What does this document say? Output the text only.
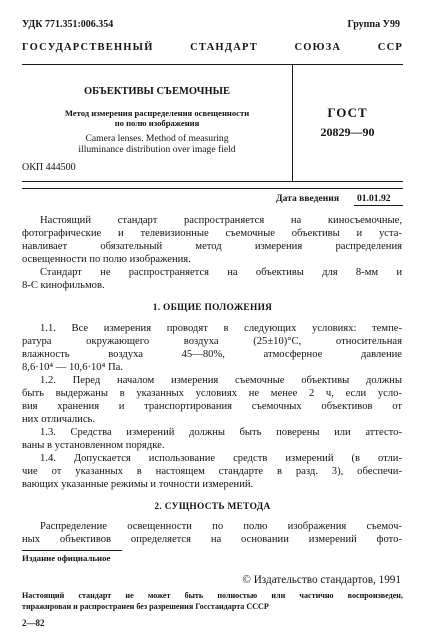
УДК 771.351:006.354	Группа У99
ГОСУДАРСТВЕННЫЙ СТАНДАРТ СОЮЗА ССР
ОБЪЕКТИВЫ СЪЕМОЧНЫЕ
Метод измерения распределения освещенности
по полю изображения
Camera lenses. Method of measuring
illuminance distribution over image field
ГОСТ
20829—90
ОКП 444500
Дата введения 01.01.92
Настоящий стандарт распространяется на киносъемочные,
фотографические и телевизионные съемочные объективы и уста-
навливает обязательный метод измерения распределения
освещенности по полю изображения.
Стандарт не распространяется на объективы для 8-мм и
8-С кинофильмов.
1. ОБЩИЕ ПОЛОЖЕНИЯ
1.1. Все измерения проводят в следующих условиях: темпе-
ратура окружающего воздуха (25±10)°С, относительная
влажность воздуха 45—80%, атмосферное давление
8,6·10⁴ — 10,6·10⁴ Па.
1.2. Перед началом измерения съемочные объективы должны
быть выдержаны в указанных условиях не менее 2 ч, если усло-
вия хранения и транспортирования съемочных объективов от
них отличались.
1.3. Средства измерений должны быть поверены или аттесто-
ваны в установленном порядке.
1.4. Допускается использование средств измерений (в отли-
чие от указанных в настоящем стандарте в разд. 3), обеспечи-
вающих указанные режимы и точности измерений.
2. СУЩНОСТЬ МЕТОДА
Распределение освещенности по полю изображения съемоч-
ных объективов определяется на основании измерений фото-
Издание официальное
© Издательство стандартов, 1991
Настоящий стандарт не может быть полностью или частично воспроизведен,
тиражирован и распространен без разрешения Госстандарта СССР
2—82
